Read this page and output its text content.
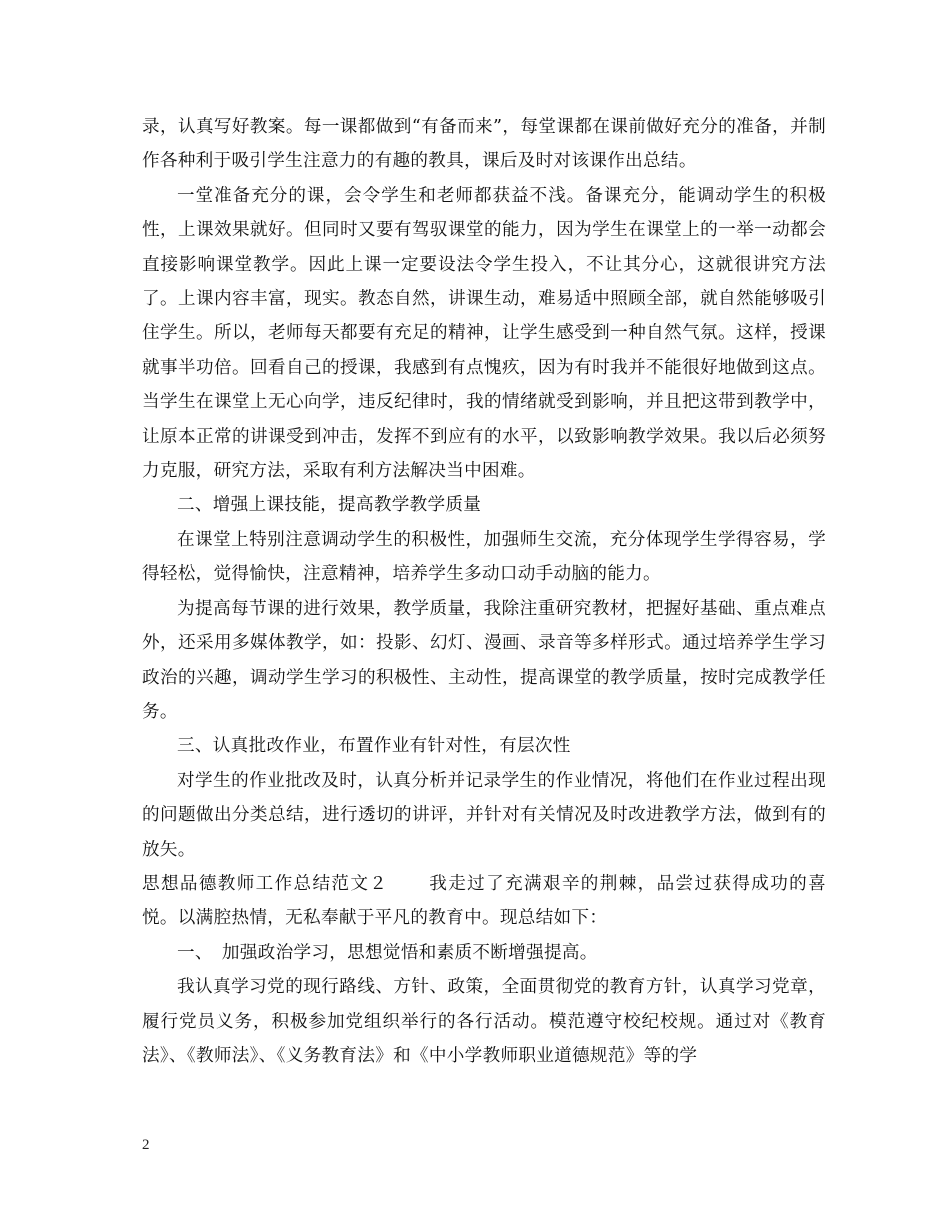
录，认真写好教案。每一课都做到“有备而来”，每堂课都在课前做好充分的准备，并制作各种利于吸引学生注意力的有趣的教具，课后及时对该课作出总结。

一堂准备充分的课，会令学生和老师都获益不浅。备课充分，能调动学生的积极性，上课效果就好。但同时又要有驾驭课堂的能力，因为学生在课堂上的一举一动都会直接影响课堂教学。因此上课一定要设法令学生投入，不让其分心，这就很讲究方法了。上课内容丰富，现实。教态自然，讲课生动，难易适中照顾全部，就自然能够吸引住学生。所以，老师每天都要有充足的精神，让学生感受到一种自然气氛。这样，授课就事半功倍。回看自己的授课，我感到有点愧疚，因为有时我并不能很好地做到这点。当学生在课堂上无心向学，违反纪律时，我的情绪就受到影响，并且把这带到教学中，让原本正常的讲课受到冲击，发挥不到应有的水平，以致影响教学效果。我以后必须努力克服，研究方法，采取有利方法解决当中困难。

二、增强上课技能，提高教学教学质量

在课堂上特别注意调动学生的积极性，加强师生交流，充分体现学生学得容易，学得轻松，觉得愉快，注意精神，培养学生多动口动手动脑的能力。

为提高每节课的进行效果，教学质量，我除注重研究教材，把握好基础、重点难点外，还采用多媒体教学，如：投影、幻灯、漫画、录音等多样形式。通过培养学生学习政治的兴趣，调动学生学习的积极性、主动性，提高课堂的教学质量，按时完成教学任务。

三、认真批改作业，布置作业有针对性，有层次性

对学生的作业批改及时，认真分析并记录学生的作业情况，将他们在作业过程出现的问题做出分类总结，进行透切的讲评，并针对有关情况及时改进教学方法，做到有的放矢。

思想品德教师工作总结范文２ 我走过了充满艰辛的荆棘，品尝过获得成功的喜悦。以满腔热情，无私奉献于平凡的教育中。现总结如下：

一、　加强政治学习，思想觉悟和素质不断增强提高。

我认真学习党的现行路线、方针、政策，全面贯彻党的教育方针，认真学习党章，履行党员义务，积极参加党组织举行的各行活动。模范遵守校纪校规。通过对《教育法》、《教师法》、《义务教育法》和《中小学教师职业道德规范》等的学

2
